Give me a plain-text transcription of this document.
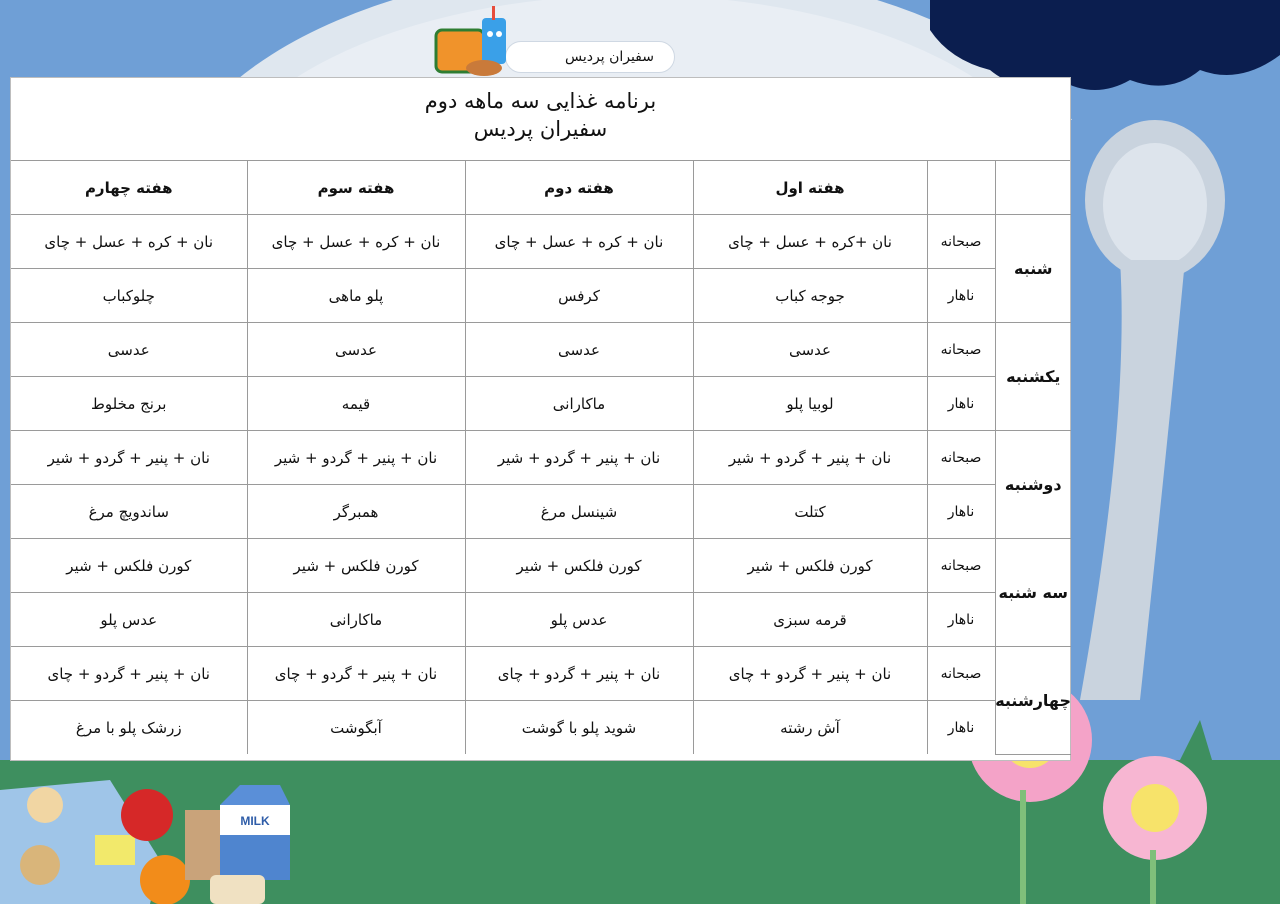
MILK
سفیران پردیس
برنامه غذایی سه ماهه دوم
سفیران پردیس
		هفته اول	هفته دوم	هفته سوم	هفته چهارم
شنبه	صبحانه	نان +کره + عسل + چای	نان + کره + عسل + چای	نان + کره + عسل + چای	نان + کره + عسل + چای
	ناهار	جوجه کباب	کرفس	پلو ماهی	چلوکباب
یکشنبه	صبحانه	عدسی	عدسی	عدسی	عدسی
	ناهار	لوبیا پلو	ماکارانی	قیمه	برنج مخلوط
دوشنبه	صبحانه	نان + پنیر + گردو + شیر	نان + پنیر + گردو + شیر	نان + پنیر + گردو + شیر	نان + پنیر + گردو + شیر
	ناهار	کتلت	شینسل مرغ	همبرگر	ساندویچ مرغ
سه شنبه	صبحانه	کورن فلکس + شیر	کورن فلکس + شیر	کورن فلکس + شیر	کورن فلکس + شیر
	ناهار	قرمه سبزی	عدس پلو	ماکارانی	عدس پلو
چهارشنبه	صبحانه	نان + پنیر + گردو + چای	نان + پنیر + گردو + چای	نان + پنیر + گردو + چای	نان + پنیر + گردو + چای
	ناهار	آش رشته	شوید پلو با گوشت	آبگوشت	زرشک پلو با مرغ
